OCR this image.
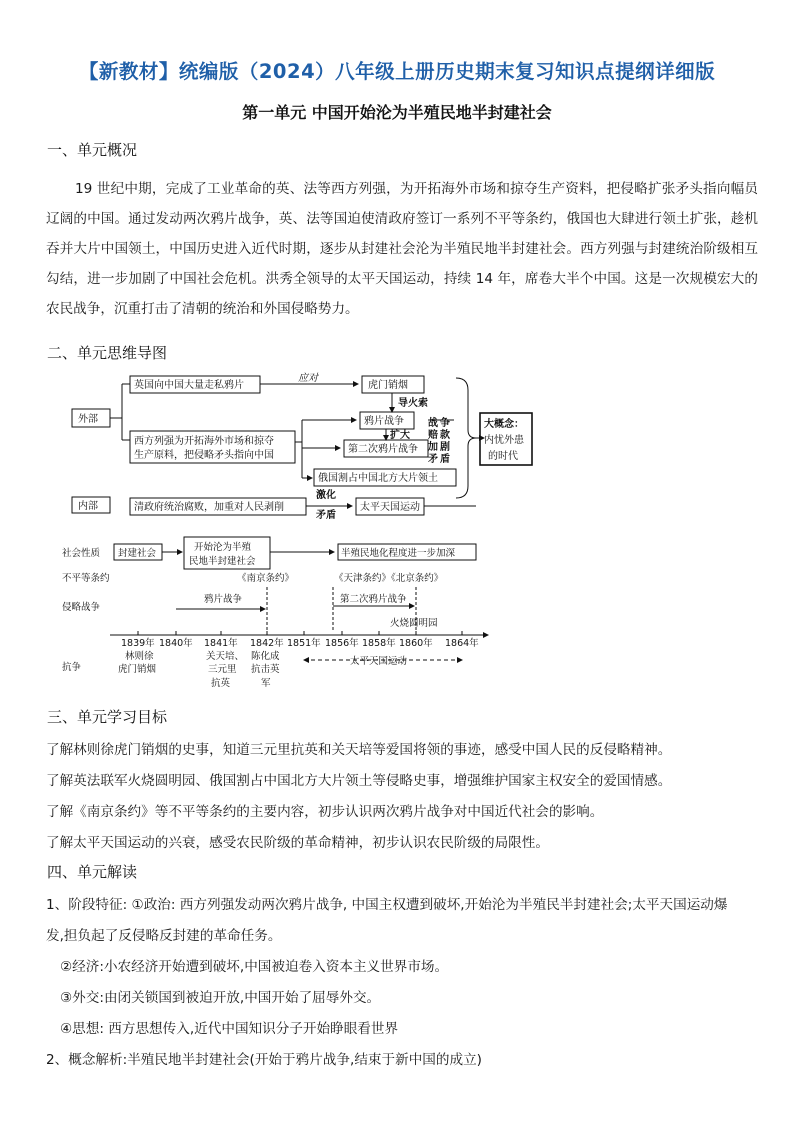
【新教材】统编版（2024）八年级上册历史期末复习知识点提纲详细版
第一单元 中国开始沦为半殖民地半封建社会
一、单元概况
19 世纪中期，完成了工业革命的英、法等西方列强，为开拓海外市场和掠夺生产资料，把侵略扩张矛头指向幅员辽阔的中国。通过发动两次鸦片战争，英、法等国迫使清政府签订一系列不平等条约，俄国也大肆进行领土扩张，趁机吞并大片中国领土，中国历史进入近代时期，逐步从封建社会沦为半殖民地半封建社会。西方列强与封建统治阶级相互勾结，进一步加剧了中国社会危机。洪秀全领导的太平天国运动，持续 14 年，席卷大半个中国。这是一次规模宏大的农民战争，沉重打击了清朝的统治和外国侵略势力。
二、单元思维导图
外部
内部
英国向中国大量走私鸦片
西方列强为开拓海外市场和掠夺
生产原料，把侵略矛头指向中国
应对
虎门销烟
导火索
鸦片战争
扩大
第二次鸦片战争
俄国割占中国北方大片领土
战 争
赔 款
加 剧
矛 盾
大概念：
内忧外患
的时代
清政府统治腐败，加重对人民剥削
激化
矛盾
太平天国运动
社会性质
不平等条约
侵略战争
抗争
封建社会
开始沦为半殖
民地半封建社会
半殖民地化程度进一步加深
《南京条约》	《天津条约》《北京条约》
鸦片战争	第二次鸦片战争
火烧圆明园
1839年 1840年 1841年 1842年 1851年 1856年 1858年 1860年 1864年
林则徐
虎门销烟
关天培、
三元里
抗英
陈化成
抗击英
军
太平天国运动
三、单元学习目标
了解林则徐虎门销烟的史事，知道三元里抗英和关天培等爱国将领的事迹，感受中国人民的反侵略精神。
了解英法联军火烧圆明园、俄国割占中国北方大片领土等侵略史事，增强维护国家主权安全的爱国情感。
了解《南京条约》等不平等条约的主要内容，初步认识两次鸦片战争对中国近代社会的影响。
了解太平天国运动的兴衰，感受农民阶级的革命精神，初步认识农民阶级的局限性。
四、单元解读
1、阶段特征: ①政治: 西方列强发动两次鸦片战争, 中国主权遭到破坏,开始沦为半殖民半封建社会;太平天国运动爆
发,担负起了反侵略反封建的革命任务。
②经济:小农经济开始遭到破坏,中国被迫卷入资本主义世界市场。
③外交:由闭关锁国到被迫开放,中国开始了屈辱外交。
④思想: 西方思想传入,近代中国知识分子开始睁眼看世界
2、概念解析:半殖民地半封建社会(开始于鸦片战争,结束于新中国的成立)
